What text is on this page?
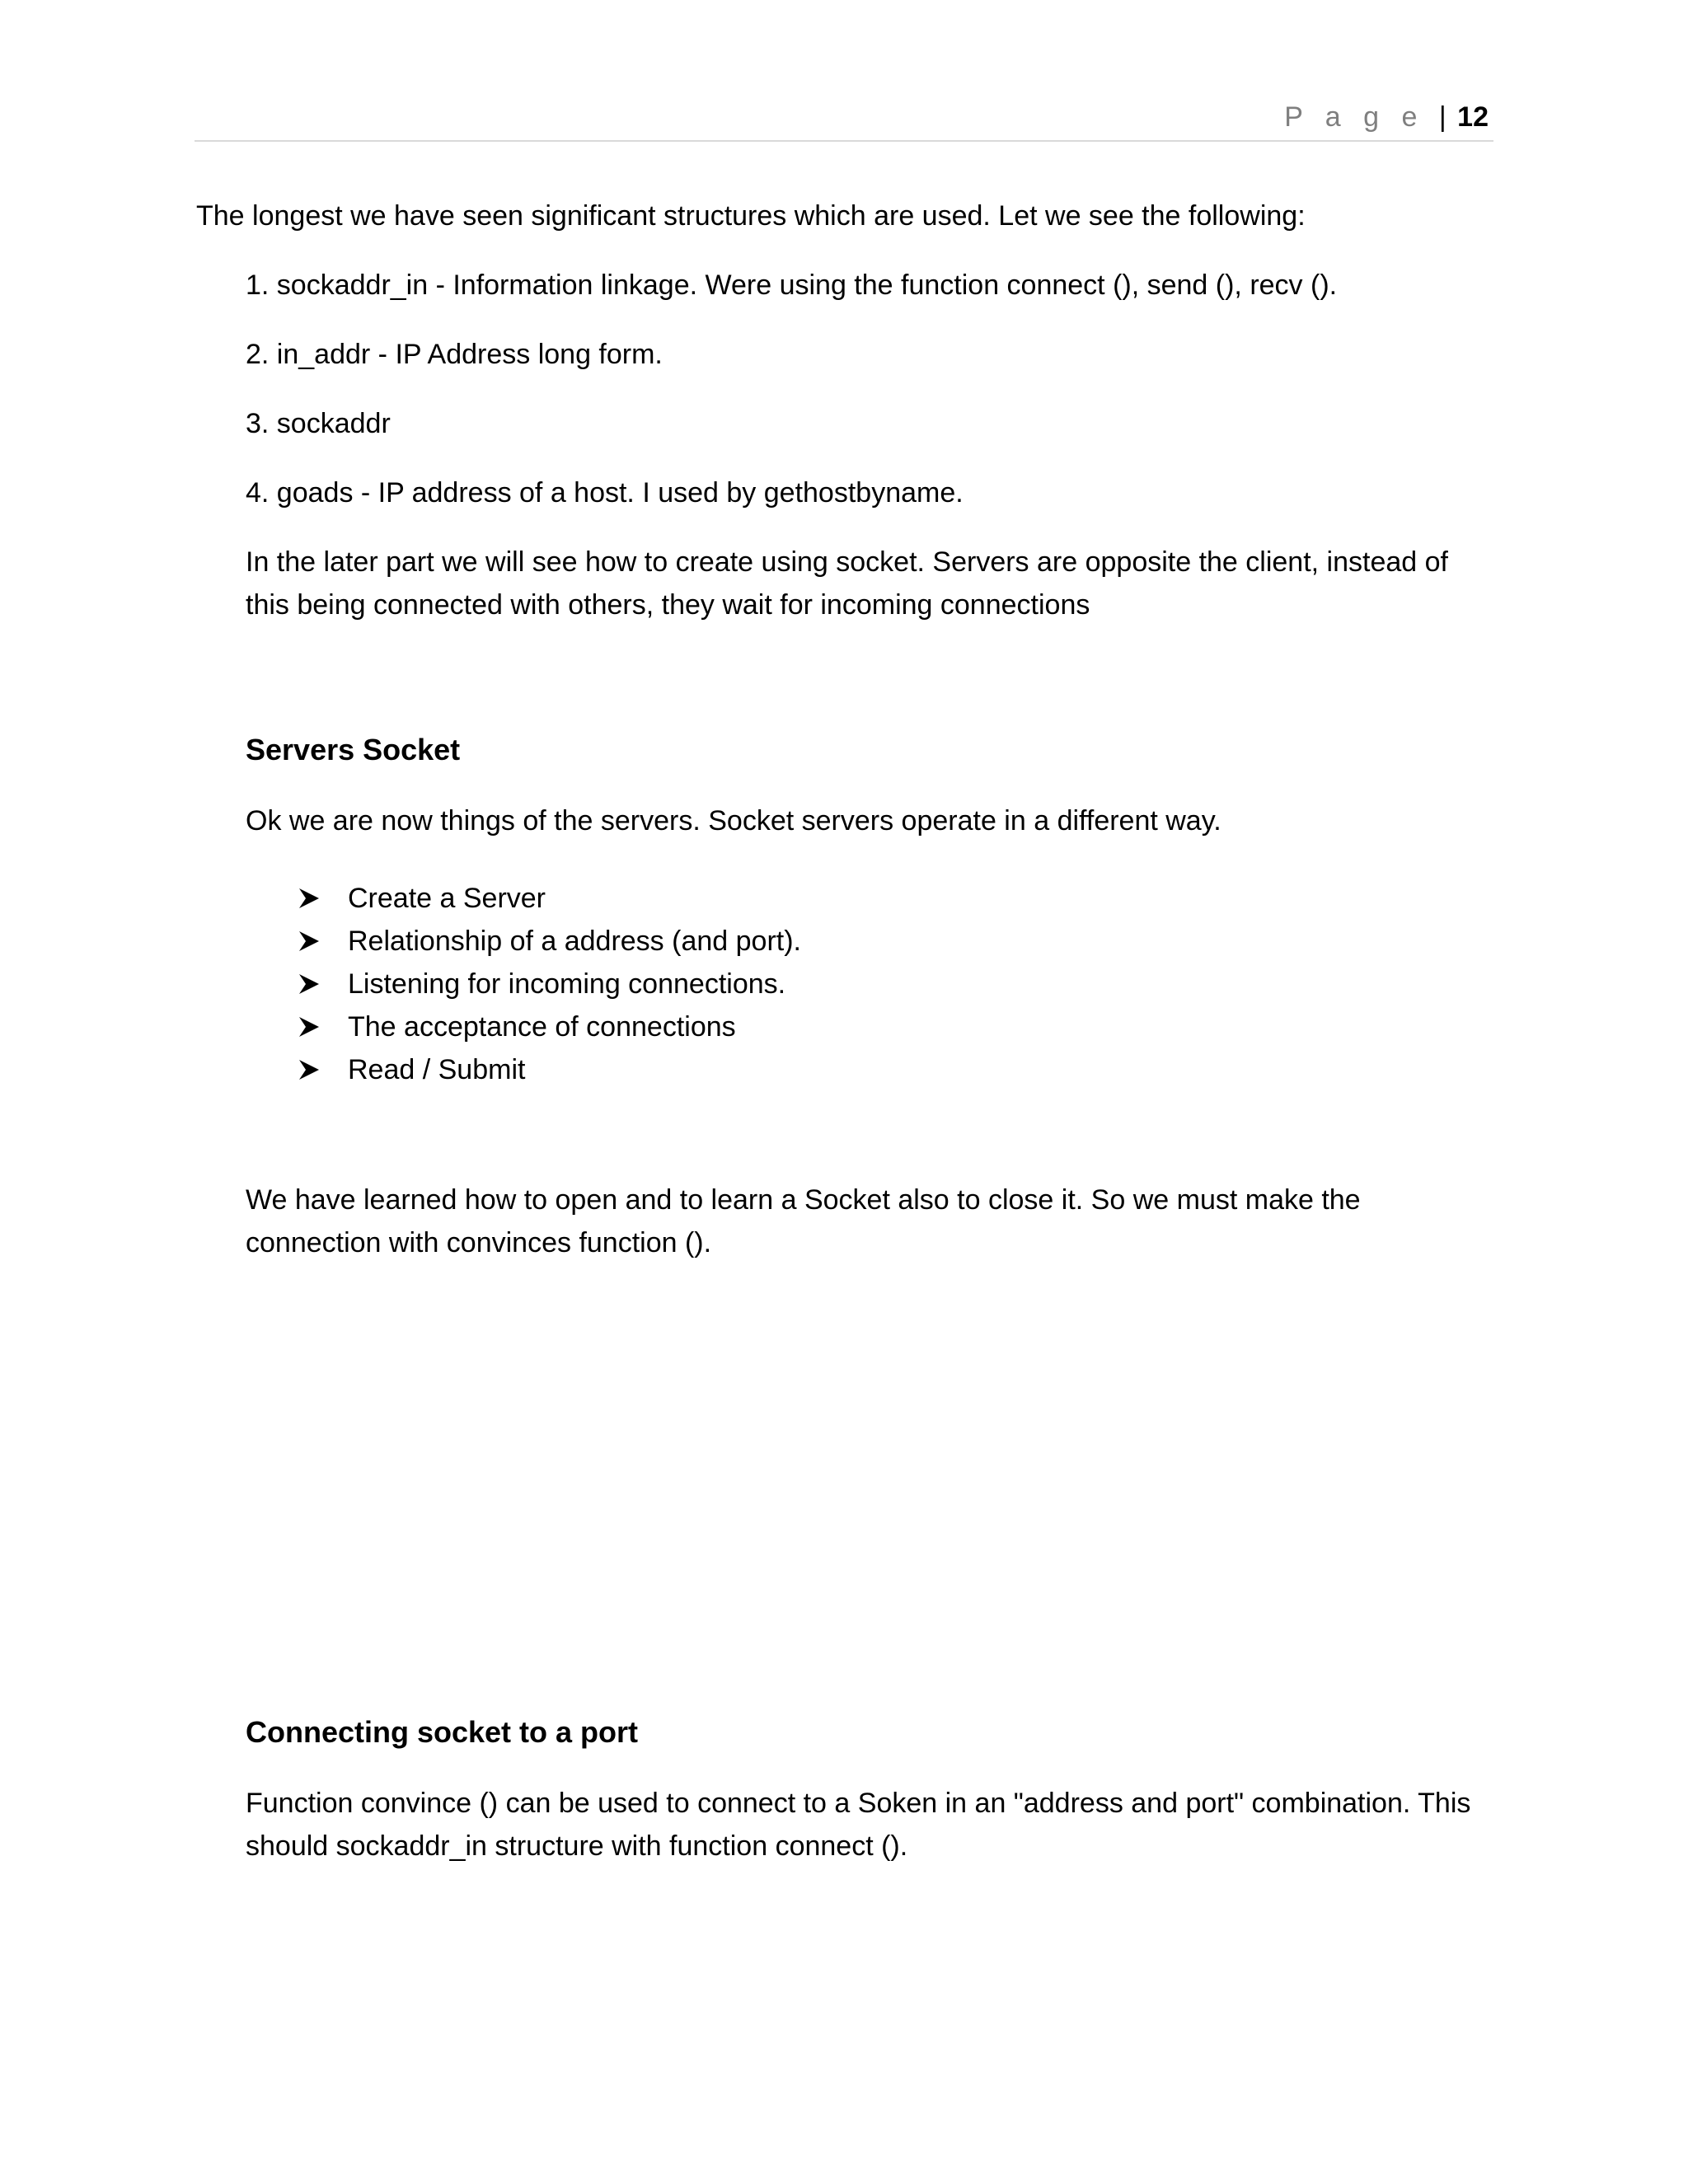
P a g e | 12
The longest we have seen significant structures which are used. Let we see the following:
1. sockaddr_in - Information linkage. Were using the function connect (), send (), recv ().
2. in_addr - IP Address long form.
3. sockaddr
4. goads - IP address of a host. I used by gethostbyname.
In the later part we will see how to create using socket. Servers are opposite the client, instead of this being connected with others, they wait for incoming connections
Servers Socket
Ok we are now things of the servers. Socket servers operate in a different way.
Create a Server
Relationship of a address (and port).
Listening for incoming connections.
The acceptance of connections
Read / Submit
We have learned how to open and to learn a Socket also to close it. So we must make the connection with convinces function ().
Connecting socket to a port
Function convince () can be used to connect to a Soken in an "address and port" combination. This should sockaddr_in structure with function connect ().
